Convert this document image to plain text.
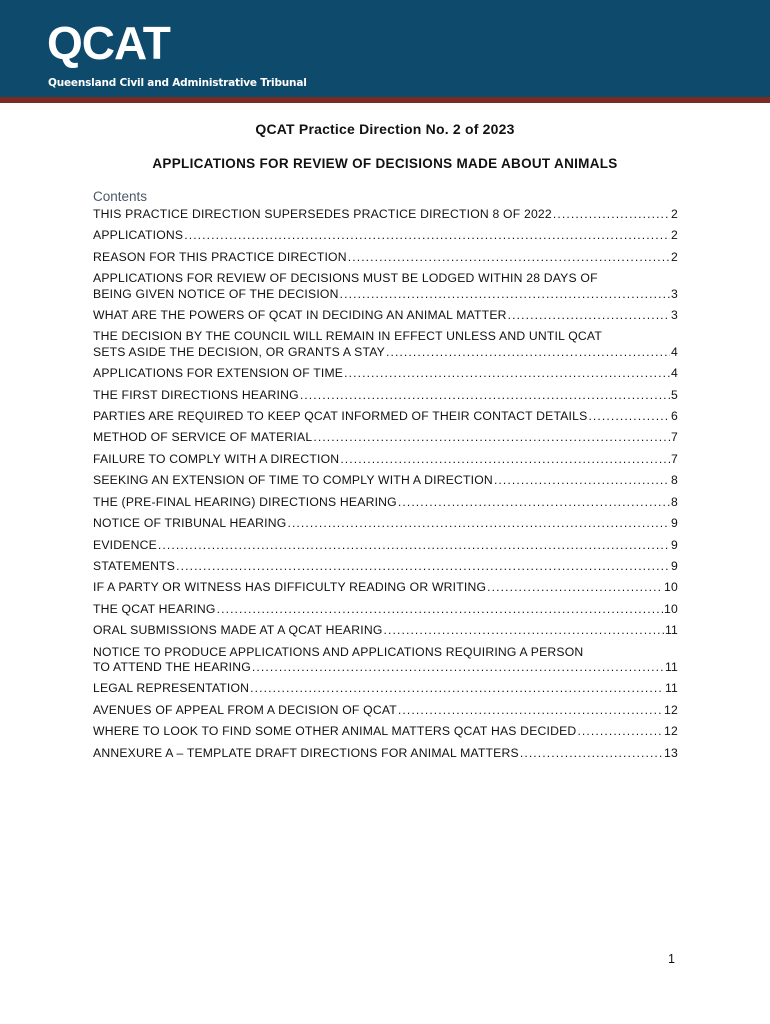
QCAT
Queensland Civil and Administrative Tribunal
QCAT Practice Direction No. 2 of 2023
APPLICATIONS FOR REVIEW OF DECISIONS MADE ABOUT ANIMALS
Contents
THIS PRACTICE DIRECTION SUPERSEDES PRACTICE DIRECTION 8 OF 2022 .....	2
APPLICATIONS .....	2
REASON FOR THIS PRACTICE DIRECTION .....	2
APPLICATIONS FOR REVIEW OF DECISIONS MUST BE LODGED WITHIN 28 DAYS OF
BEING GIVEN NOTICE OF THE DECISION .....	3
WHAT ARE THE POWERS OF QCAT IN DECIDING AN ANIMAL MATTER .....	3
THE DECISION BY THE COUNCIL WILL REMAIN IN EFFECT UNLESS AND UNTIL QCAT
SETS ASIDE THE DECISION, OR GRANTS A STAY .....	4
APPLICATIONS FOR EXTENSION OF TIME .....	4
THE FIRST DIRECTIONS HEARING .....	5
PARTIES ARE REQUIRED TO KEEP QCAT INFORMED OF THEIR CONTACT DETAILS .....	6
METHOD OF SERVICE OF MATERIAL .....	7
FAILURE TO COMPLY WITH A DIRECTION .....	7
SEEKING AN EXTENSION OF TIME TO COMPLY WITH A DIRECTION .....	8
THE (PRE-FINAL HEARING) DIRECTIONS HEARING .....	8
NOTICE OF TRIBUNAL HEARING .....	9
EVIDENCE .....	9
STATEMENTS .....	9
IF A PARTY OR WITNESS HAS DIFFICULTY READING OR WRITING .....	10
THE QCAT HEARING .....	10
ORAL SUBMISSIONS MADE AT A QCAT HEARING .....	11
NOTICE TO PRODUCE APPLICATIONS AND APPLICATIONS REQUIRING A PERSON
TO ATTEND THE HEARING .....	11
LEGAL REPRESENTATION .....	11
AVENUES OF APPEAL FROM A DECISION OF QCAT .....	12
WHERE TO LOOK TO FIND SOME OTHER ANIMAL MATTERS QCAT HAS DECIDED .....	12
ANNEXURE A – TEMPLATE DRAFT DIRECTIONS FOR ANIMAL MATTERS .....	13
1
